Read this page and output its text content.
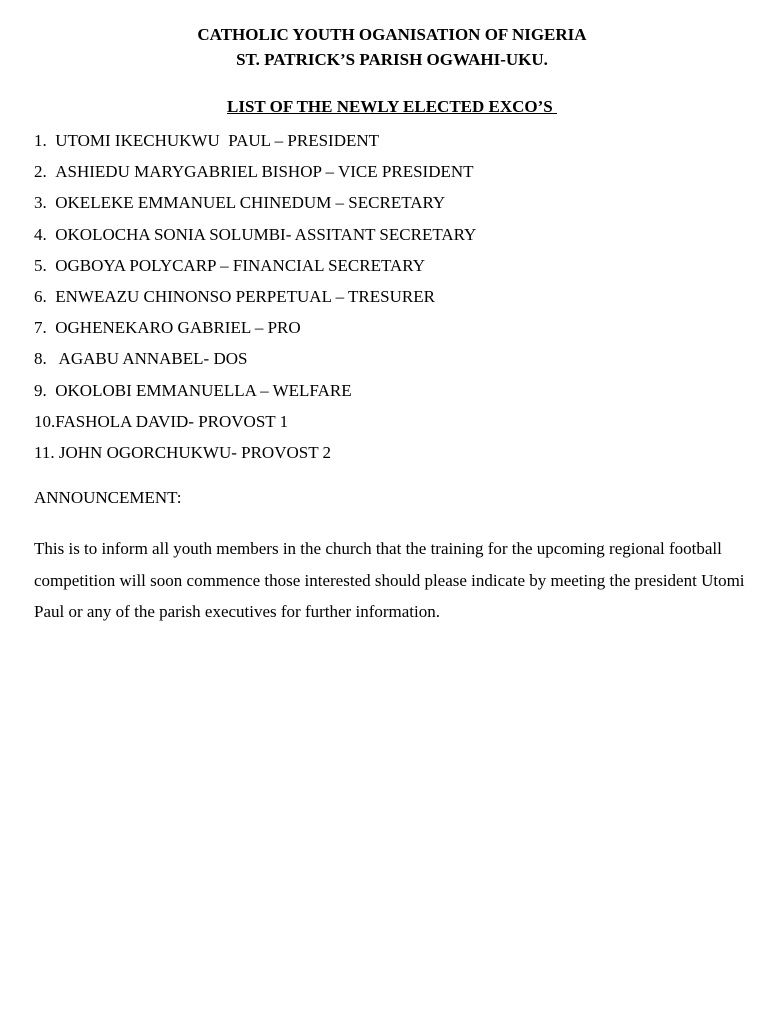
CATHOLIC YOUTH OGANISATION OF NIGERIA
ST. PATRICK’S PARISH OGWAHI-UKU.
LIST OF THE NEWLY ELECTED EXCO’S
1.  UTOMI IKECHUKWU  PAUL – PRESIDENT
2.  ASHIEDU MARYGABRIEL BISHOP – VICE PRESIDENT
3.  OKELEKE EMMANUEL CHINEDUM – SECRETARY
4.  OKOLOCHA SONIA SOLUMBI- ASSITANT SECRETARY
5.  OGBOYA POLYCARP – FINANCIAL SECRETARY
6.  ENWEAZU CHINONSO PERPETUAL – TRESURER
7.  OGHENEKARO GABRIEL – PRO
8.   AGABU ANNABEL- DOS
9.  OKOLOBI EMMANUELLA – WELFARE
10.FASHOLA DAVID- PROVOST 1
11. JOHN OGORCHUKWU- PROVOST 2
ANNOUNCEMENT:

This is to inform all youth members in the church that the training for the upcoming regional football competition will soon commence those interested should please indicate by meeting the president Utomi Paul or any of the parish executives for further information.
